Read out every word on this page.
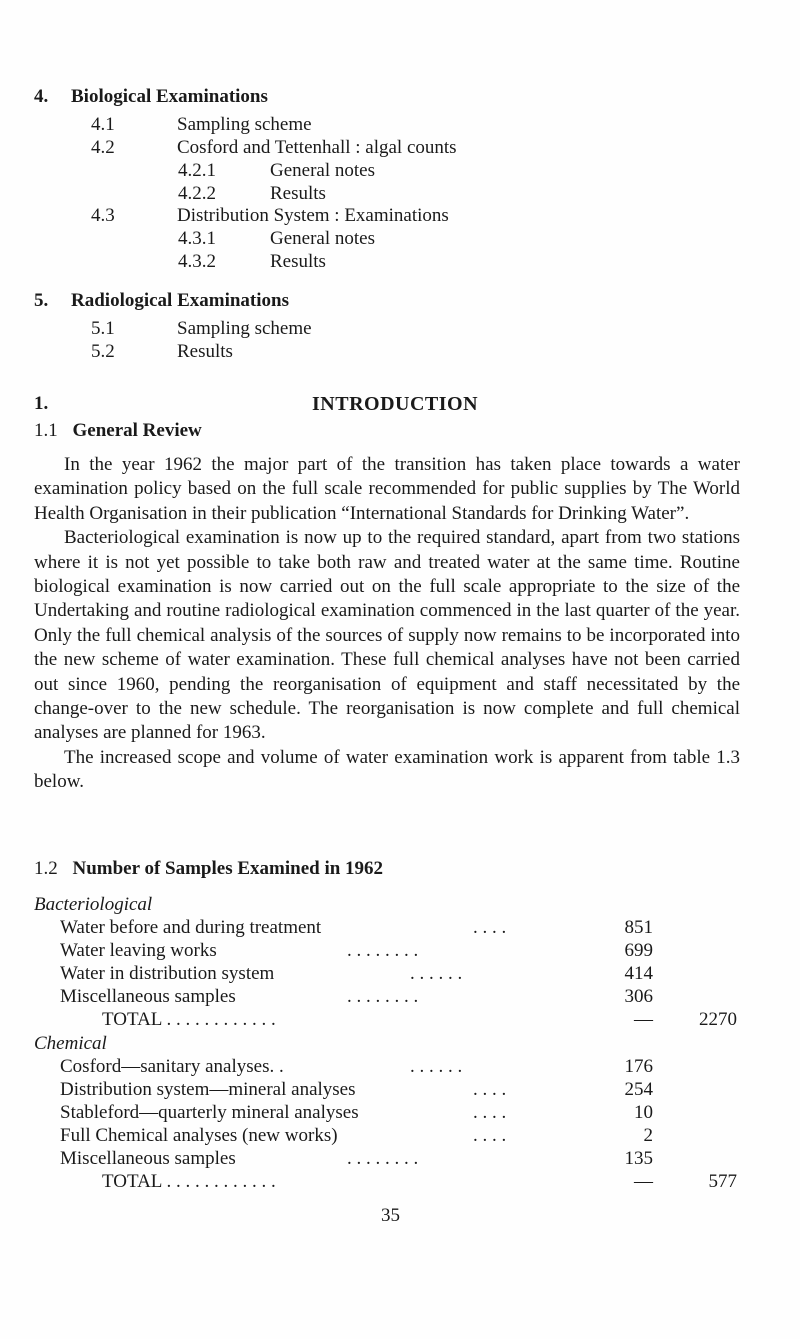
4. Biological Examinations
4.1	Sampling scheme
4.2	Cosford and Tettenhall : algal counts
4.2.1	General notes
4.2.2	Results
4.3	Distribution System : Examinations
4.3.1	General notes
4.3.2	Results
5. Radiological Examinations
5.1	Sampling scheme
5.2	Results
1.	INTRODUCTION
1.1 General Review

In the year 1962 the major part of the transition has taken place towards a water examination policy based on the full scale recommended for public supplies by The World Health Organisation in their publication “International Standards for Drinking Water”.

Bacteriological examination is now up to the required standard, apart from two stations where it is not yet possible to take both raw and treated water at the same time. Routine biological examination is now carried out on the full scale appropriate to the size of the Undertaking and routine radiological examination commenced in the last quarter of the year. Only the full chemical analysis of the sources of supply now remains to be incorporated into the new scheme of water examination. These full chemical analyses have not been carried out since 1960, pending the reorganisation of equipment and staff necessitated by the change-over to the new schedule. The reorganisation is now complete and full chemical analyses are planned for 1963.

The increased scope and volume of water examination work is apparent from table 1.3 below.

1.2 Number of Samples Examined in 1962
Bacteriological
Water before and during treatment	. . . .	851
Water leaving works	. . . . . . . .	699
Water in distribution system	. . . . . .	414
Miscellaneous samples	. . . . . . . .	306
TOTAL . . . . . . . . . . . .	—	2270
Chemical
Cosford—sanitary analyses. .	. . . . . .	176
Distribution system—mineral analyses	. . . .	254
Stableford—quarterly mineral analyses	. . . .	10
Full Chemical analyses (new works)	. . . .	2
Miscellaneous samples	. . . . . . . .	135
TOTAL . . . . . . . . . . . .	—	577
35
